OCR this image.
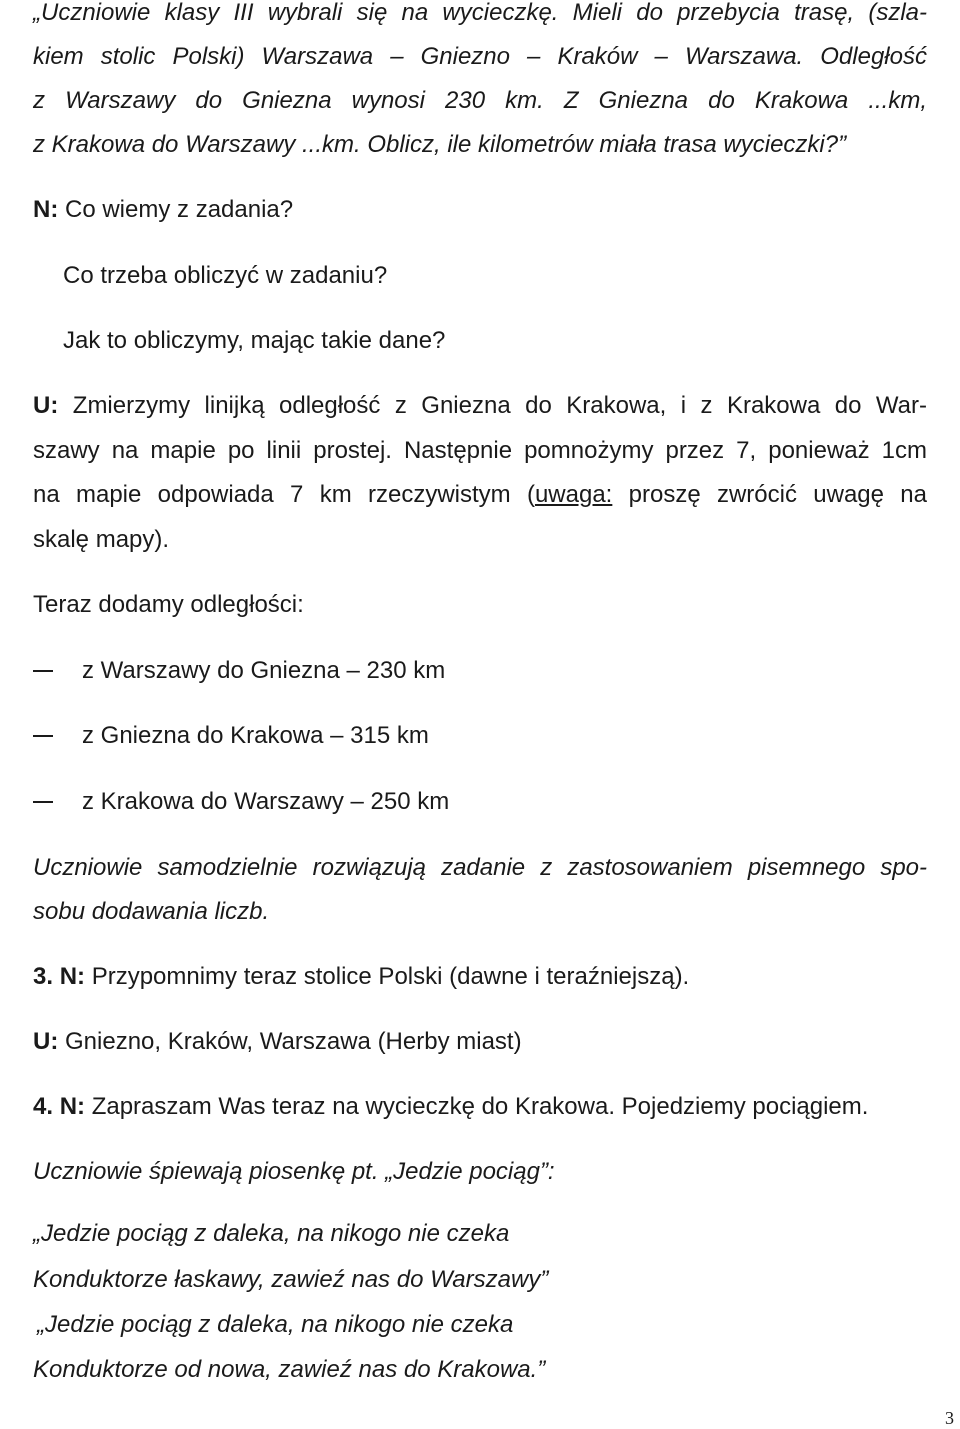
„Uczniowie klasy III wybrali się na wycieczkę. Mieli do przebycia trasę, (szla-
kiem stolic Polski) Warszawa – Gniezno – Kraków – Warszawa. Odległość
z Warszawy do Gniezna wynosi 230 km. Z Gniezna do Krakowa ...km,
z Krakowa do Warszawy ...km. Oblicz, ile kilometrów miała trasa wycieczki?”
N: Co wiemy z zadania?
Co trzeba obliczyć w zadaniu?
Jak to obliczymy, mając takie dane?
U: Zmierzymy linijką odległość z Gniezna do Krakowa, i z Krakowa do War-
szawy na mapie po linii prostej. Następnie pomnożymy przez 7, ponieważ 1cm
na mapie odpowiada 7 km rzeczywistym (uwaga: proszę zwrócić uwagę na
skalę mapy).
Teraz dodamy odległości:
z Warszawy do Gniezna – 230 km
z Gniezna do Krakowa – 315 km
z Krakowa do Warszawy – 250 km
Uczniowie samodzielnie rozwiązują zadanie z zastosowaniem pisemnego spo-
sobu dodawania liczb.
3. N: Przypomnimy teraz stolice Polski (dawne i teraźniejszą).
U: Gniezno, Kraków, Warszawa (Herby miast)
4. N: Zapraszam Was teraz na wycieczkę do Krakowa. Pojedziemy pociągiem.
Uczniowie śpiewają piosenkę pt. „Jedzie pociąg”:
„Jedzie pociąg z daleka, na nikogo nie czeka
Konduktorze łaskawy, zawieź nas do Warszawy”
„Jedzie pociąg z daleka, na nikogo nie czeka
Konduktorze od nowa, zawieź nas do Krakowa.”
3
